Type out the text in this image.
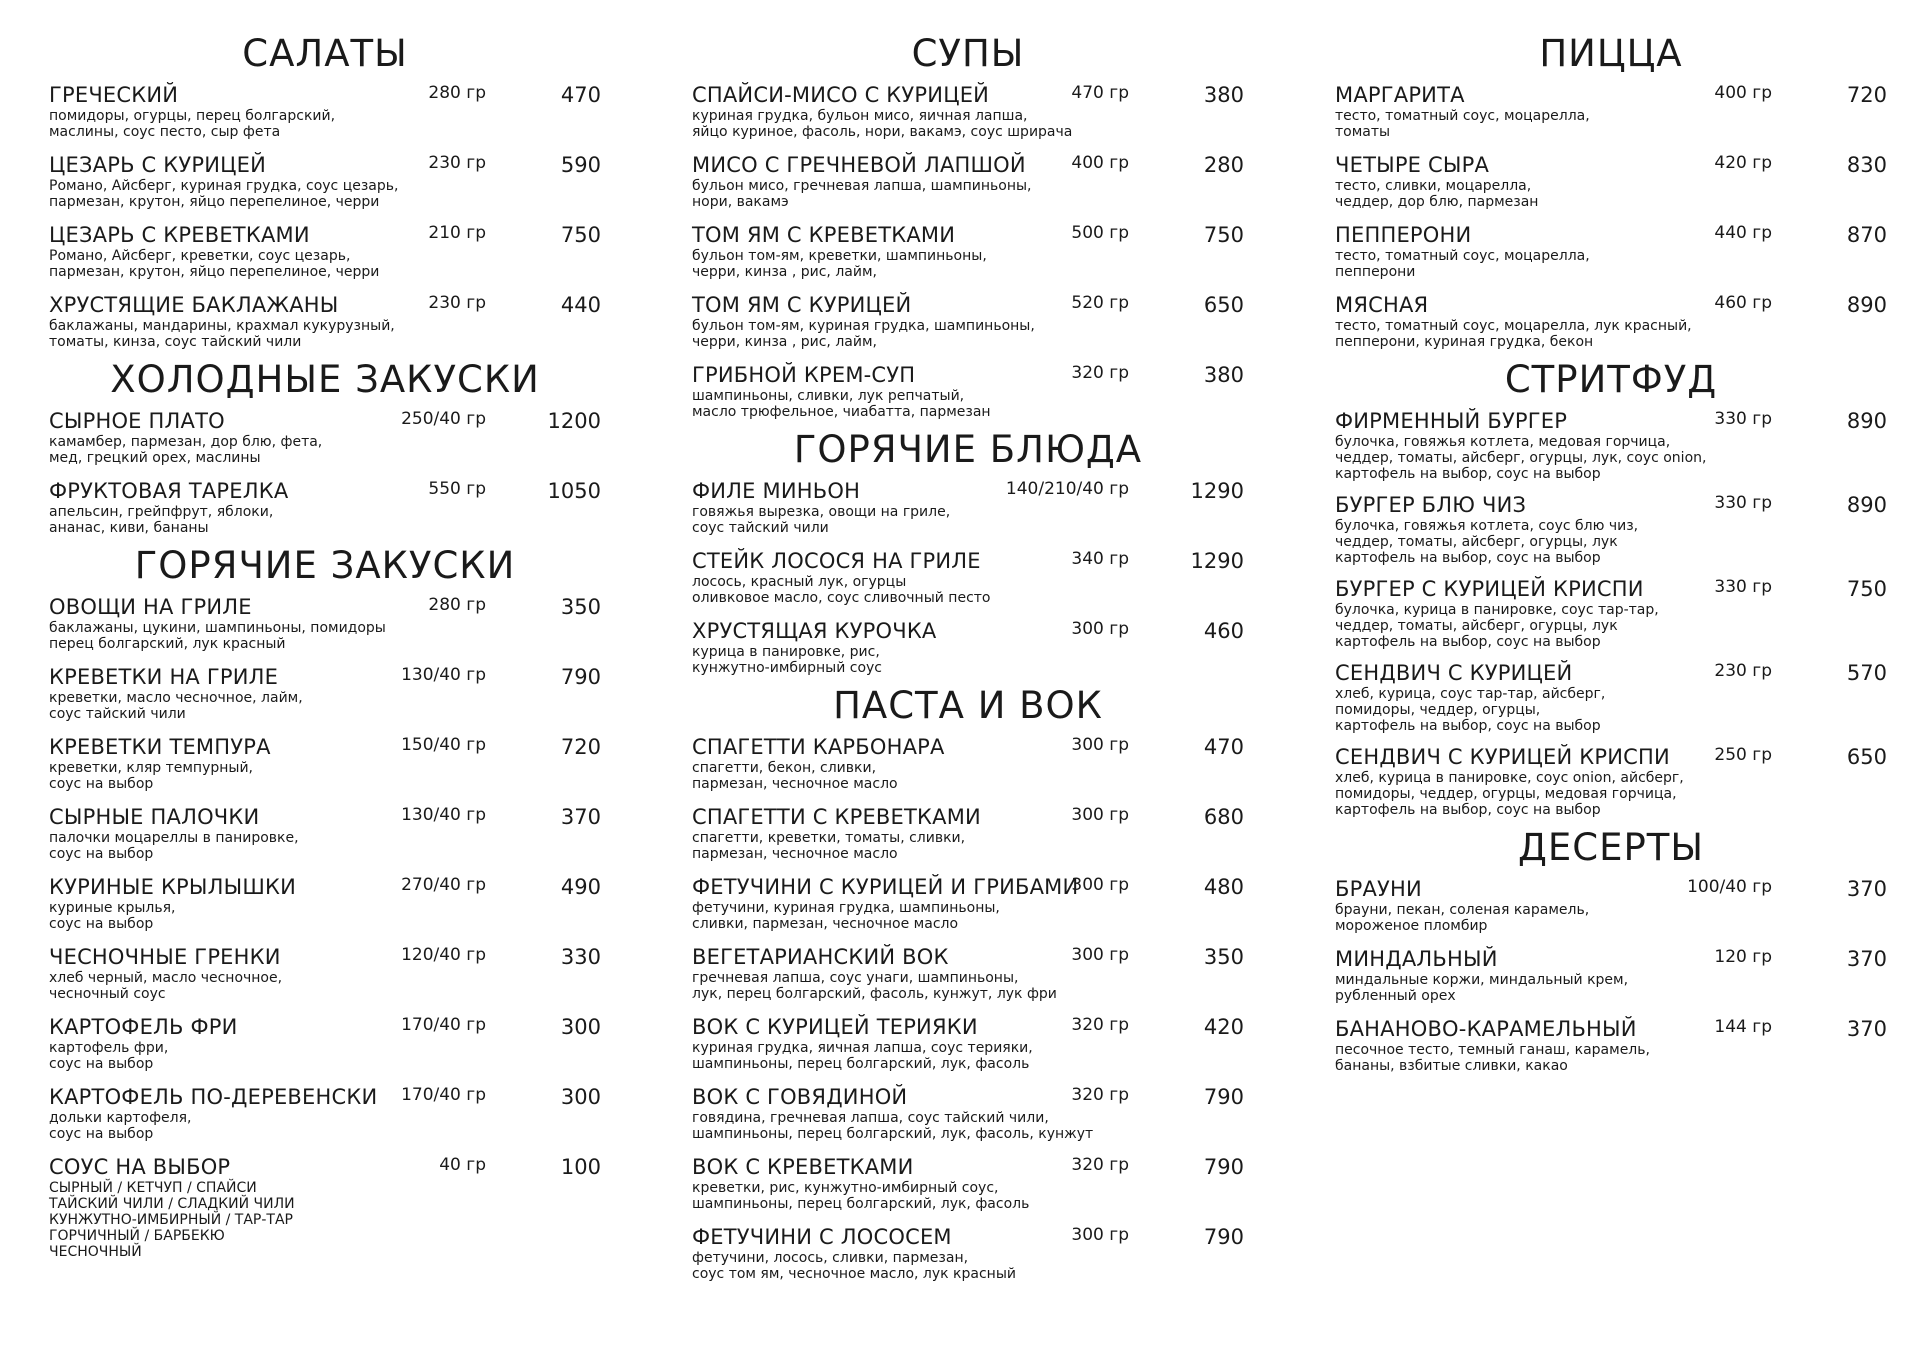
САЛАТЫ
ГРЕЧЕСКИЙ	280 гр	470
помидоры, огурцы, перец болгарский,
маслины, соус песто, сыр фета
ЦЕЗАРЬ С КУРИЦЕЙ	230 гр	590
Романо, Айсберг, куриная грудка, соус цезарь,
пармезан, крутон, яйцо перепелиное, черри
ЦЕЗАРЬ С КРЕВЕТКАМИ	210 гр	750
Романо, Айсберг, креветки, соус цезарь,
пармезан, крутон, яйцо перепелиное, черри
ХРУСТЯЩИЕ БАКЛАЖАНЫ	230 гр	440
баклажаны, мандарины, крахмал кукурузный,
томаты, кинза, соус тайский чили
ХОЛОДНЫЕ ЗАКУСКИ
СЫРНОЕ ПЛАТО	250/40 гр	1200
камамбер, пармезан, дор блю, фета,
мед, грецкий орех, маслины
ФРУКТОВАЯ ТАРЕЛКА	550 гр	1050
апельсин, грейпфрут, яблоки,
ананас, киви, бананы
ГОРЯЧИЕ ЗАКУСКИ
ОВОЩИ НА ГРИЛЕ	280 гр	350
баклажаны, цукини, шампиньоны, помидоры
перец болгарский, лук красный
КРЕВЕТКИ НА ГРИЛЕ	130/40 гр	790
креветки, масло чесночное, лайм,
соус тайский чили
КРЕВЕТКИ ТЕМПУРА	150/40 гр	720
креветки, кляр темпурный,
соус на выбор
СЫРНЫЕ ПАЛОЧКИ	130/40 гр	370
палочки моцареллы в панировке,
соус на выбор
КУРИНЫЕ КРЫЛЫШКИ	270/40 гр	490
куриные крылья,
соус на выбор
ЧЕСНОЧНЫЕ ГРЕНКИ	120/40 гр	330
хлеб черный, масло чесночное,
чесночный соус
КАРТОФЕЛЬ ФРИ	170/40 гр	300
картофель фри,
соус на выбор
КАРТОФЕЛЬ ПО-ДЕРЕВЕНСКИ 170/40 гр	300
дольки картофеля,
соус на выбор
СОУС НА ВЫБОР	40 гр	100
СЫРНЫЙ / КЕТЧУП / СПАЙСИ
ТАЙСКИЙ ЧИЛИ / СЛАДКИЙ ЧИЛИ
КУНЖУТНО-ИМБИРНЫЙ / ТАР-ТАР
ГОРЧИЧНЫЙ / БАРБЕКЮ
ЧЕСНОЧНЫЙ
СУПЫ
СПАЙСИ-МИСО С КУРИЦЕЙ	470 гр	380
куриная грудка, бульон мисо, яичная лапша,
яйцо куриное, фасоль, нори, вакамэ, соус шрирача
МИСО С ГРЕЧНЕВОЙ ЛАПШОЙ	400 гр	280
бульон мисо, гречневая лапша, шампиньоны,
нори, вакамэ
ТОМ ЯМ С КРЕВЕТКАМИ	500 гр	750
бульон том-ям, креветки, шампиньоны,
черри, кинза , рис, лайм,
ТОМ ЯМ С КУРИЦЕЙ	520 гр	650
бульон том-ям, куриная грудка, шампиньоны,
черри, кинза , рис, лайм,
ГРИБНОЙ КРЕМ-СУП	320 гр	380
шампиньоны, сливки, лук репчатый,
масло трюфельное, чиабатта, пармезан
ГОРЯЧИЕ БЛЮДА
ФИЛЕ МИНЬОН	140/210/40 гр	1290
говяжья вырезка, овощи на гриле,
соус тайский чили
СТЕЙК ЛОСОСЯ НА ГРИЛЕ	340 гр	1290
лосось, красный лук, огурцы
оливковое масло, соус сливочный песто
ХРУСТЯЩАЯ КУРОЧКА	300 гр	460
курица в панировке, рис,
кунжутно-имбирный соус
ПАСТА И ВОК
СПАГЕТТИ КАРБОНАРА	300 гр	470
спагетти, бекон, сливки,
пармезан, чесночное масло
СПАГЕТТИ С КРЕВЕТКАМИ	300 гр	680
спагетти, креветки, томаты, сливки,
пармезан, чесночное масло
ФЕТУЧИНИ С КУРИЦЕЙ И ГРИБАМИ
300 гр	480
фетучини, куриная грудка, шампиньоны,
сливки, пармезан, чесночное масло
ВЕГЕТАРИАНСКИЙ ВОК	300 гр	350
гречневая лапша, соус унаги, шампиньоны,
лук, перец болгарский, фасоль, кунжут, лук фри
ВОК С КУРИЦЕЙ ТЕРИЯКИ	320 гр	420
куриная грудка, яичная лапша, соус терияки,
шампиньоны, перец болгарский, лук, фасоль
ВОК С ГОВЯДИНОЙ	320 гр	790
говядина, гречневая лапша, соус тайский чили,
шампиньоны, перец болгарский, лук, фасоль, кунжут
ВОК С КРЕВЕТКАМИ	320 гр	790
креветки, рис, кунжутно-имбирный соус,
шампиньоны, перец болгарский, лук, фасоль
ФЕТУЧИНИ С ЛОСОСЕМ	300 гр	790
фетучини, лосось, сливки, пармезан,
соус том ям, чесночное масло, лук красный
ПИЦЦА
МАРГАРИТА	400 гр	720
тесто, томатный соус, моцарелла,
томаты
ЧЕТЫРЕ СЫРА	420 гр	830
тесто, сливки, моцарелла,
чеддер, дор блю, пармезан
ПЕППЕРОНИ	440 гр	870
тесто, томатный соус, моцарелла,
пепперони
МЯСНАЯ	460 гр	890
тесто, томатный соус, моцарелла, лук красный,
пепперони, куриная грудка, бекон
СТРИТФУД
ФИРМЕННЫЙ БУРГЕР	330 гр	890
булочка, говяжья котлета, медовая горчица,
чеддер, томаты, айсберг, огурцы, лук, соус onion,
картофель на выбор, соус на выбор
БУРГЕР БЛЮ ЧИЗ	330 гр	890
булочка, говяжья котлета, соус блю чиз,
чеддер, томаты, айсберг, огурцы, лук
картофель на выбор, соус на выбор
БУРГЕР С КУРИЦЕЙ КРИСПИ	330 гр	750
булочка, курица в панировке, соус тар-тар,
чеддер, томаты, айсберг, огурцы, лук
картофель на выбор, соус на выбор
СЕНДВИЧ С КУРИЦЕЙ	230 гр	570
хлеб, курица, соус тар-тар, айсберг,
помидоры, чеддер, огурцы,
картофель на выбор, соус на выбор
СЕНДВИЧ С КУРИЦЕЙ КРИСПИ	250 гр	650
хлеб, курица в панировке, соус onion, айсберг,
помидоры, чеддер, огурцы, медовая горчица,
картофель на выбор, соус на выбор
ДЕСЕРТЫ
БРАУНИ	100/40 гр	370
брауни, пекан, соленая карамель,
мороженое пломбир
МИНДАЛЬНЫЙ	120 гр	370
миндальные коржи, миндальный крем,
рубленный орех
БАНАНОВО-КАРАМЕЛЬНЫЙ	144 гр	370
песочное тесто, темный ганаш, карамель,
бананы, взбитые сливки, какао
